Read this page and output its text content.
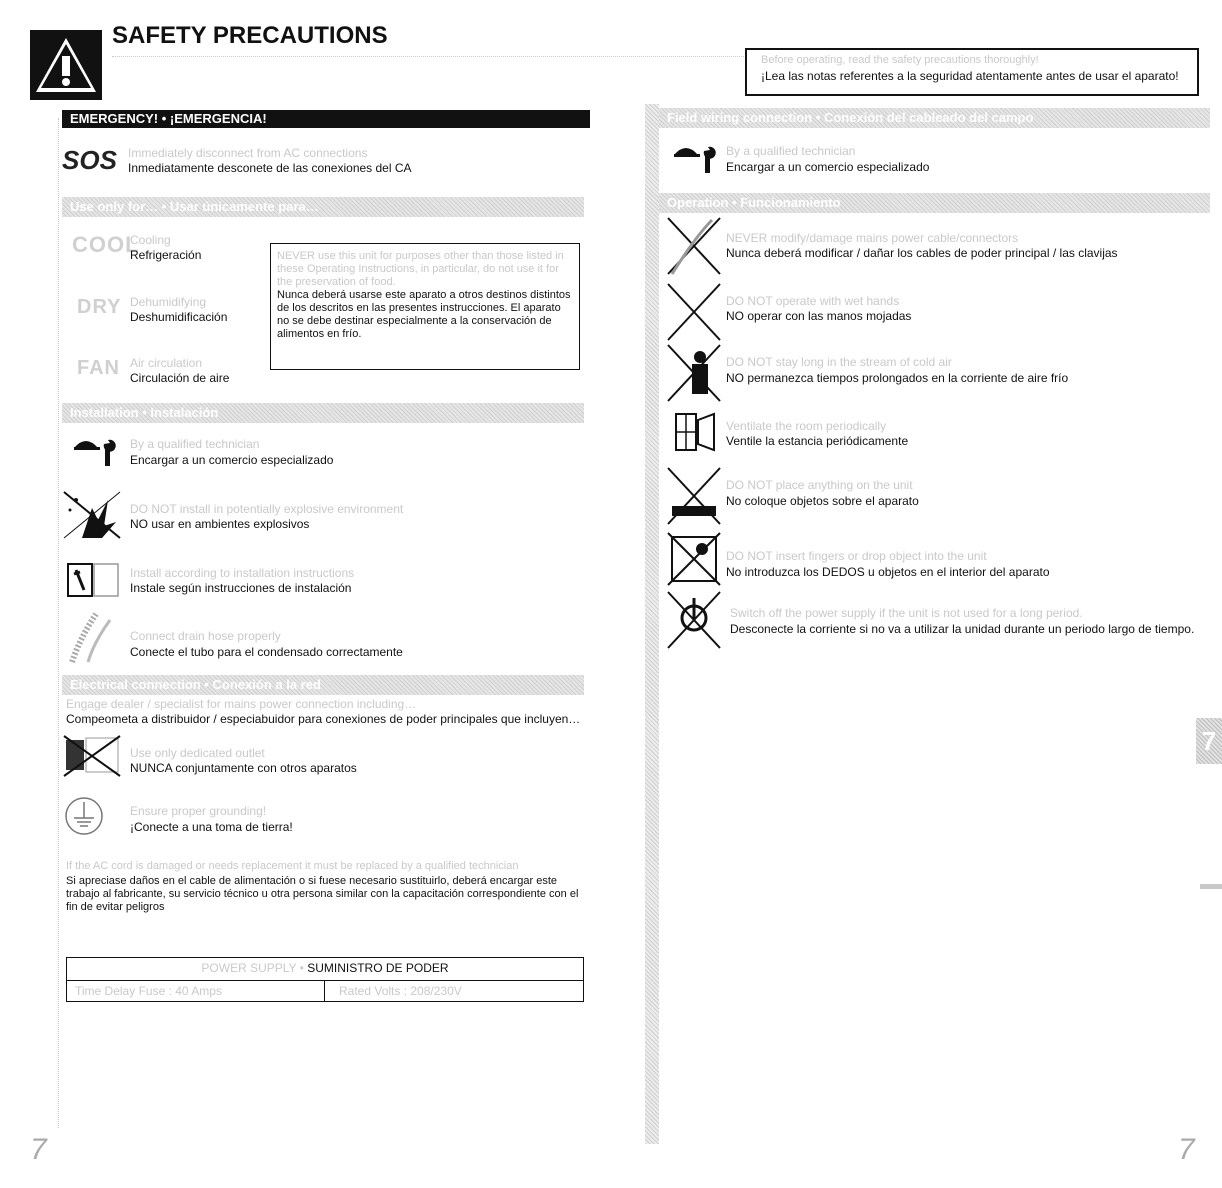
SAFETY PRECAUTIONS
Before operating, read the safety precautions thoroughly!
¡Lea las notas referentes a la seguridad atentamente antes de usar el aparato!
EMERGENCY! • ¡EMERGENCIA!
SOS Immediately disconnect from AC connections
Inmediatamente desconete de las conexiones del CA
Use only for… • Usar únicamente para…
COOL
Cooling
Refrigeración
DRY Dehumidifying
Deshumidificación
FAN Air circulation
Circulación de aire
NEVER use this unit for purposes other than those listed in these Operating Instructions, in particular, do not use it for the preservation of food.
Nunca deberá usarse este aparato a otros destinos distintos de los descritos en las presentes instrucciones. El aparato no se debe destinar especialmente a la conservación de alimentos en frío.
Installation • Instalación
By a qualified technician
Encargar a un comercio especializado
DO NOT install in potentially explosive environment
NO usar en ambientes explosivos
Install according to installation instructions
Instale según instrucciones de instalación
Connect drain hose properly
Conecte el tubo para el condensado correctamente
Electrical connection • Conexión a la red
Engage dealer / specialist for mains power connection including…
Compeometa a distribuidor / especiabuidor para conexiones de poder principales que incluyen…
Use only dedicated outlet
NUNCA conjuntamente con otros aparatos
Ensure proper grounding!
¡Conecte a una toma de tierra!
If the AC cord is damaged or needs replacement it must be replaced by a qualified technician
Si apreciase daños en el cable de alimentación o si fuese necesario sustituirlo, deberá encargar este trabajo al fabricante, su servicio técnico u otra persona similar con la capacitación correspondiente con el fin de evitar peligros
POWER SUPPLY • SUMINISTRO DE PODER
Time Delay Fuse : 40 Amps	Rated Volts : 208/230V
7
Field wiring connection • Conexión del cableado del campo
By a qualified technician
Encargar a un comercio especializado
Operation • Funcionamiento
NEVER modify/damage mains power cable/connectors
Nunca deberá modificar / dañar los cables de poder principal / las clavijas
DO NOT operate with wet hands
NO operar con las manos mojadas
DO NOT stay long in the stream of cold air
NO permanezca tiempos prolongados en la corriente de aire frío
Ventilate the room periodically
Ventile la estancia periódicamente
DO NOT place anything on the unit
No coloque objetos sobre el aparato
DO NOT insert fingers or drop object into the unit
No introduzca los DEDOS u objetos en el interior del aparato
Switch off the power supply if the unit is not used for a long period.
Desconecte la corriente si no va a utilizar la unidad durante un periodo largo de tiempo.
7
7
